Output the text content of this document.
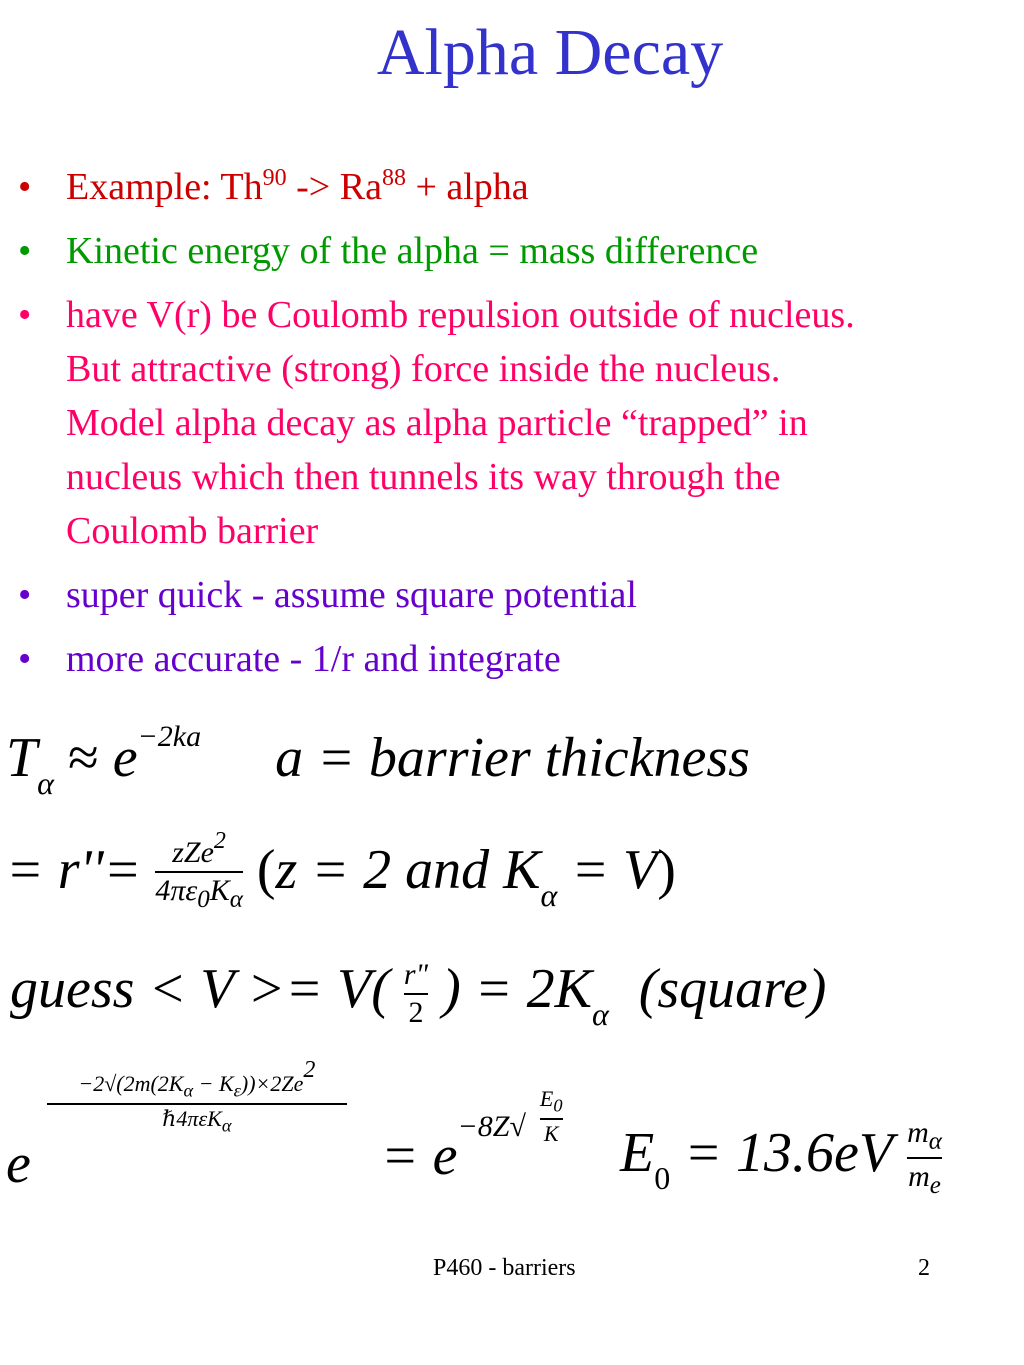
Alpha Decay
• Example: $Th^{90} -> Ra^{88}$ + alpha
• Kinetic energy of the alpha = mass difference
• have V(r) be Coulomb repulsion outside of nucleus.
But attractive (strong) force inside the nucleus.
Model alpha decay as alpha particle “trapped” in
nucleus which then tunnels its way through the
Coulomb barrier
• super quick - assume square potential
• more accurate - 1/r and integrate
$T_\alpha \approx e^{-2ka}$ a = barrier thickness
= $r''= \frac{zZe^2}{4\pi\varepsilon_0K_\alpha} (z = 2$ and $K_\alpha = V$)
guess < $V >= V( \frac{r"}{2}$ ) = $2K_\alpha$ (square)
e
$\frac{-2√(2m(2K_\alpha - K_\varepsilon))\times 2Ze^2}{\hbar 4\pi\varepsilon K_\alpha}$
= $e_{-8Z√} \frac{E_0}{K}$
$E_0 = 13.6eV \frac{m_\alpha}{m_e}$
P460 - barriers	2
